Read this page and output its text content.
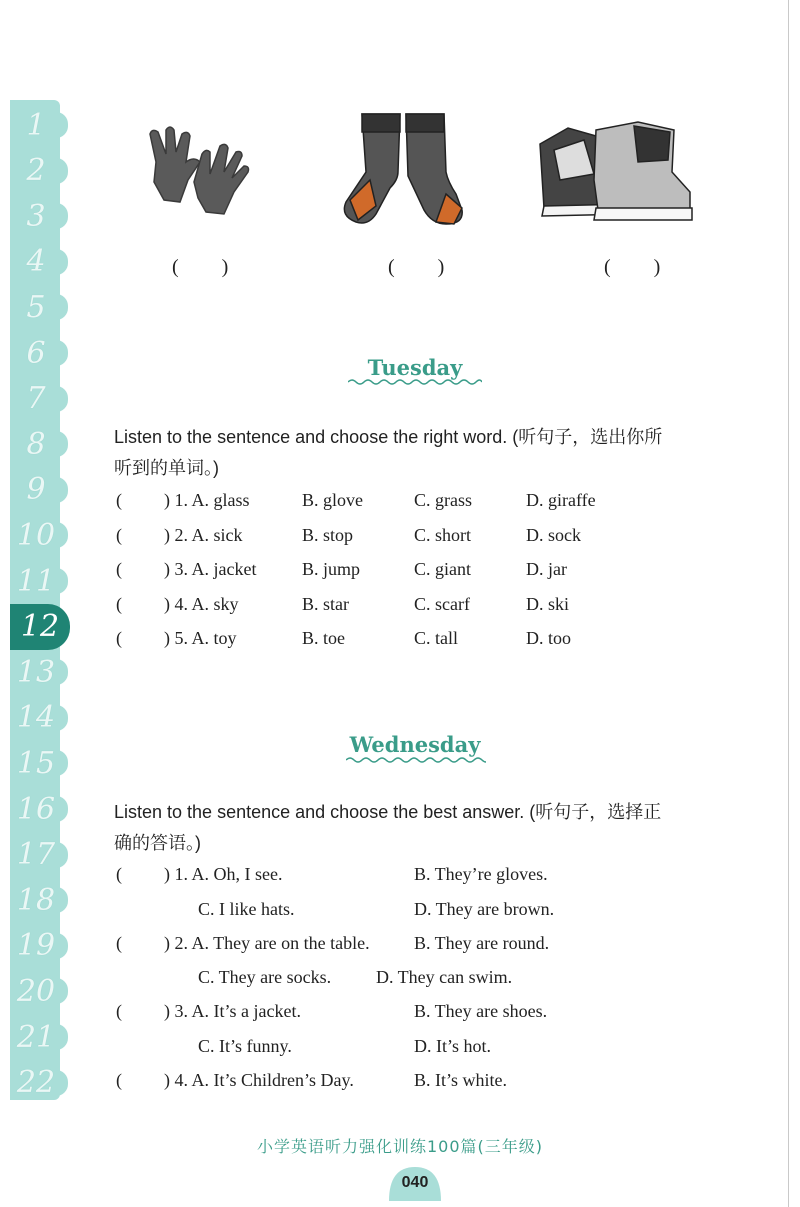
1
2
3
4
5
6
7
8
9
10
11
12
13
14
15
16
17
18
19
20
21
22
(　　)	(　　)	(　　)
Tuesday
Listen to the sentence and choose the right word. (听句子，选出你所
听到的单词。)
( ) 1. A. glass	B. glove	C. grass	D. giraffe
( ) 2. A. sick	B. stop	C. short	D. sock
( ) 3. A. jacket	B. jump	C. giant	D. jar
( ) 4. A. sky	B. star	C. scarf	D. ski
( ) 5. A. toy	B. toe	C. tall	D. too
Wednesday
Listen to the sentence and choose the best answer. (听句子，选择正
确的答语。)
( ) 1. A. Oh, I see.	B. They’re gloves.
C. I like hats.	D. They are brown.
( ) 2. A. They are on the table. B. They are round.
C. They are socks. D. They can swim.
( ) 3. A. It’s a jacket.	B. They are shoes.
C. It’s funny.	D. It’s hot.
( ) 4. A. It’s Children’s Day.	B. It’s white.
小学英语听力强化训练100篇(三年级)
040
